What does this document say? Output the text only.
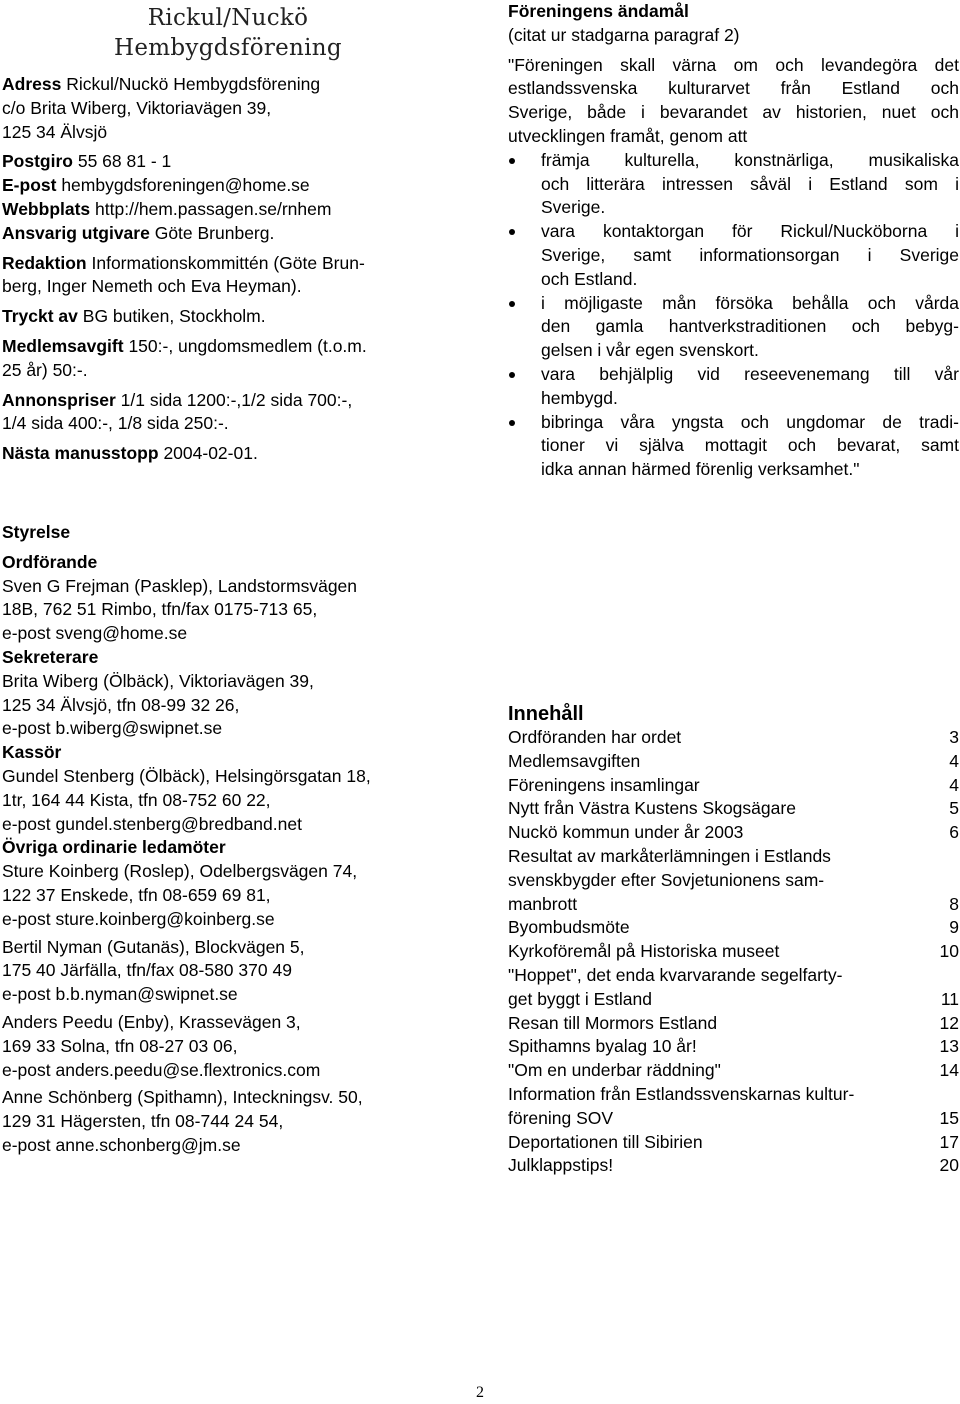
Rickul/Nuckö
Hembygdsförening
Adress Rickul/Nuckö Hembygdsförening
c/o Brita Wiberg, Viktoriavägen 39,
125 34 Älvsjö
Postgiro 55 68 81 - 1
E-post hembygdsforeningen@home.se
Webbplats http://hem.passagen.se/rnhem
Ansvarig utgivare Göte Brunberg.
Redaktion Informationskommittén (Göte Brun-
berg, Inger Nemeth och Eva Heyman).
Tryckt av BG butiken, Stockholm.
Medlemsavgift 150:-, ungdomsmedlem (t.o.m.
25 år) 50:-.
Annonspriser 1/1 sida 1200:-,1/2 sida 700:-,
1/4 sida 400:-, 1/8 sida 250:-.
Nästa manusstopp 2004-02-01.
Föreningens ändamål
(citat ur stadgarna paragraf 2)
"Föreningen skall värna om och levandegöra det
estlandssvenska kulturarvet från Estland och
Sverige, både i bevarandet av historien, nuet och
utvecklingen framåt, genom att
främja kulturella, konstnärliga, musikaliska
och litterära intressen såväl i Estland som i
Sverige.
vara kontaktorgan för Rickul/Nucköborna i
Sverige, samt informationsorgan i Sverige
och Estland.
i möjligaste mån försöka behålla och vårda
den gamla hantverkstraditionen och bebyg-
gelsen i vår egen svenskort.
vara behjälplig vid reseevenemang till vår
hembygd.
bibringa våra yngsta och ungdomar de tradi-
tioner vi själva mottagit och bevarat, samt
idka annan härmed förenlig verksamhet."
Styrelse
Ordförande
Sven G Frejman (Pasklep), Landstormsvägen
18B, 762 51 Rimbo, tfn/fax 0175-713 65,
e-post sveng@home.se
Sekreterare
Brita Wiberg (Ölbäck), Viktoriavägen 39,
125 34 Älvsjö, tfn 08-99 32 26,
e-post b.wiberg@swipnet.se
Kassör
Gundel Stenberg (Ölbäck), Helsingörsgatan 18,
1tr, 164 44 Kista, tfn 08-752 60 22,
e-post gundel.stenberg@bredband.net
Övriga ordinarie ledamöter
Sture Koinberg (Roslep), Odelbergsvägen 74,
122 37 Enskede, tfn 08-659 69 81,
e-post sture.koinberg@koinberg.se
Bertil Nyman (Gutanäs), Blockvägen 5,
175 40 Järfälla, tfn/fax 08-580 370 49
e-post b.b.nyman@swipnet.se
Anders Peedu (Enby), Krassevägen 3,
169 33 Solna, tfn 08-27 03 06,
e-post anders.peedu@se.flextronics.com
Anne Schönberg (Spithamn), Inteckningsv. 50,
129 31 Hägersten, tfn 08-744 24 54,
e-post anne.schonberg@jm.se
Innehåll
Ordföranden har ordet	3
Medlemsavgiften	4
Föreningens insamlingar	4
Nytt från Västra Kustens Skogsägare	5
Nuckö kommun under år 2003	6
Resultat av markåterlämningen i Estlands
svenskbygder efter Sovjetunionens sam-
manbrott	8
Byombudsmöte	9
Kyrkoföremål på Historiska museet	10
"Hoppet", det enda kvarvarande segelfarty-
get byggt i Estland	11
Resan till Mormors Estland	12
Spithamns byalag 10 år!	13
"Om en underbar räddning"	14
Information från Estlandssvenskarnas kultur-
förening SOV	15
Deportationen till Sibirien	17
Julklappstips!	20
2
